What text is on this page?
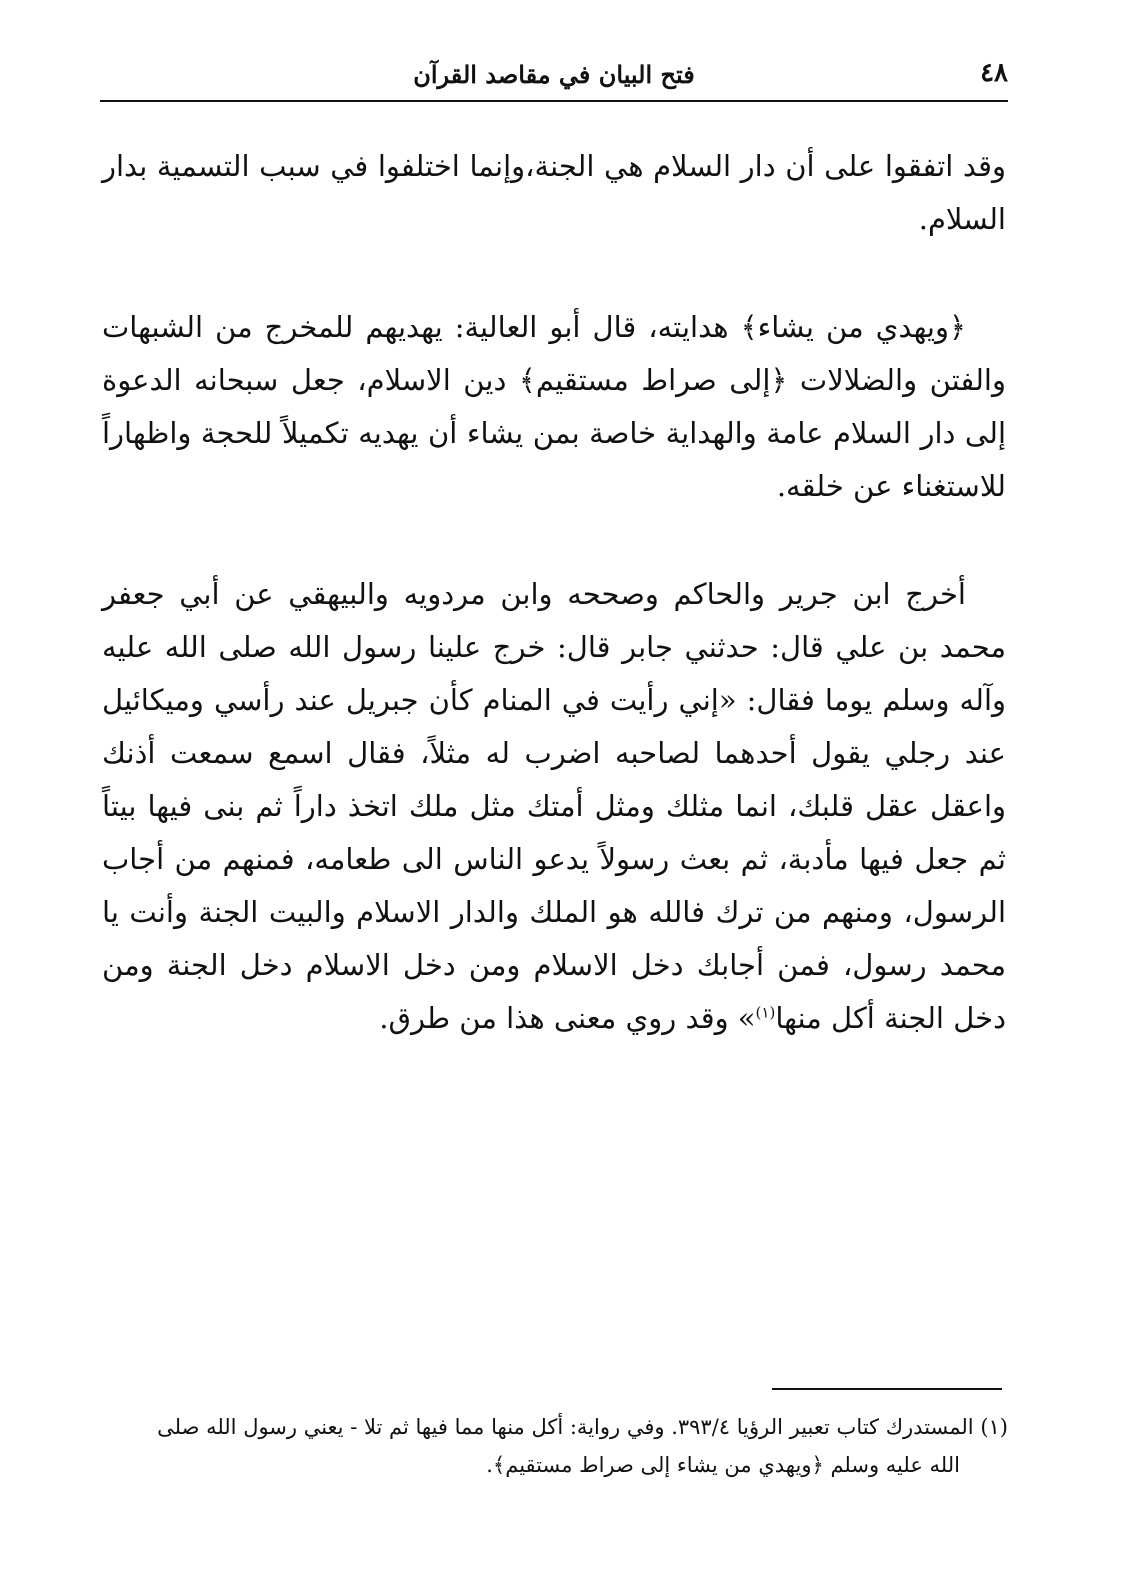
٤٨
فتح البيان في مقاصد القرآن

وقد اتفقوا على أن دار السلام هي الجنة،وإنما اختلفوا في سبب التسمية بدار السلام.

﴿ويهدي من يشاء﴾ هدايته، قال أبو العالية: يهديهم للمخرج من الشبهات والفتن والضلالات ﴿إلى صراط مستقيم﴾ دين الاسلام، جعل سبحانه الدعوة إلى دار السلام عامة والهداية خاصة بمن يشاء أن يهديه تكميلاً للحجة واظهاراً للاستغناء عن خلقه.

أخرج ابن جرير والحاكم وصححه وابن مردويه والبيهقي عن أبي جعفر محمد بن علي قال: حدثني جابر قال: خرج علينا رسول الله صلى الله عليه وآله وسلم يوما فقال: «إني رأيت في المنام كأن جبريل عند رأسي وميكائيل عند رجلي يقول أحدهما لصاحبه اضرب له مثلاً، فقال اسمع سمعت أذنك واعقل عقل قلبك، انما مثلك ومثل أمتك مثل ملك اتخذ داراً ثم بنى فيها بيتاً ثم جعل فيها مأدبة، ثم بعث رسولاً يدعو الناس الى طعامه، فمنهم من أجاب الرسول، ومنهم من ترك فالله هو الملك والدار الاسلام والبيت الجنة وأنت يا محمد رسول، فمن أجابك دخل الاسلام ومن دخل الاسلام دخل الجنة ومن دخل الجنة أكل منها$^{(١)}$» وقد روي معنى هذا من طرق.

(١) المستدرك كتاب تعبير الرؤيا ٣٩٣/٤. وفي رواية: أكل منها مما فيها ثم تلا - يعني رسول الله صلى

الله عليه وسلم ﴿ويهدي من يشاء إلى صراط مستقيم﴾.
